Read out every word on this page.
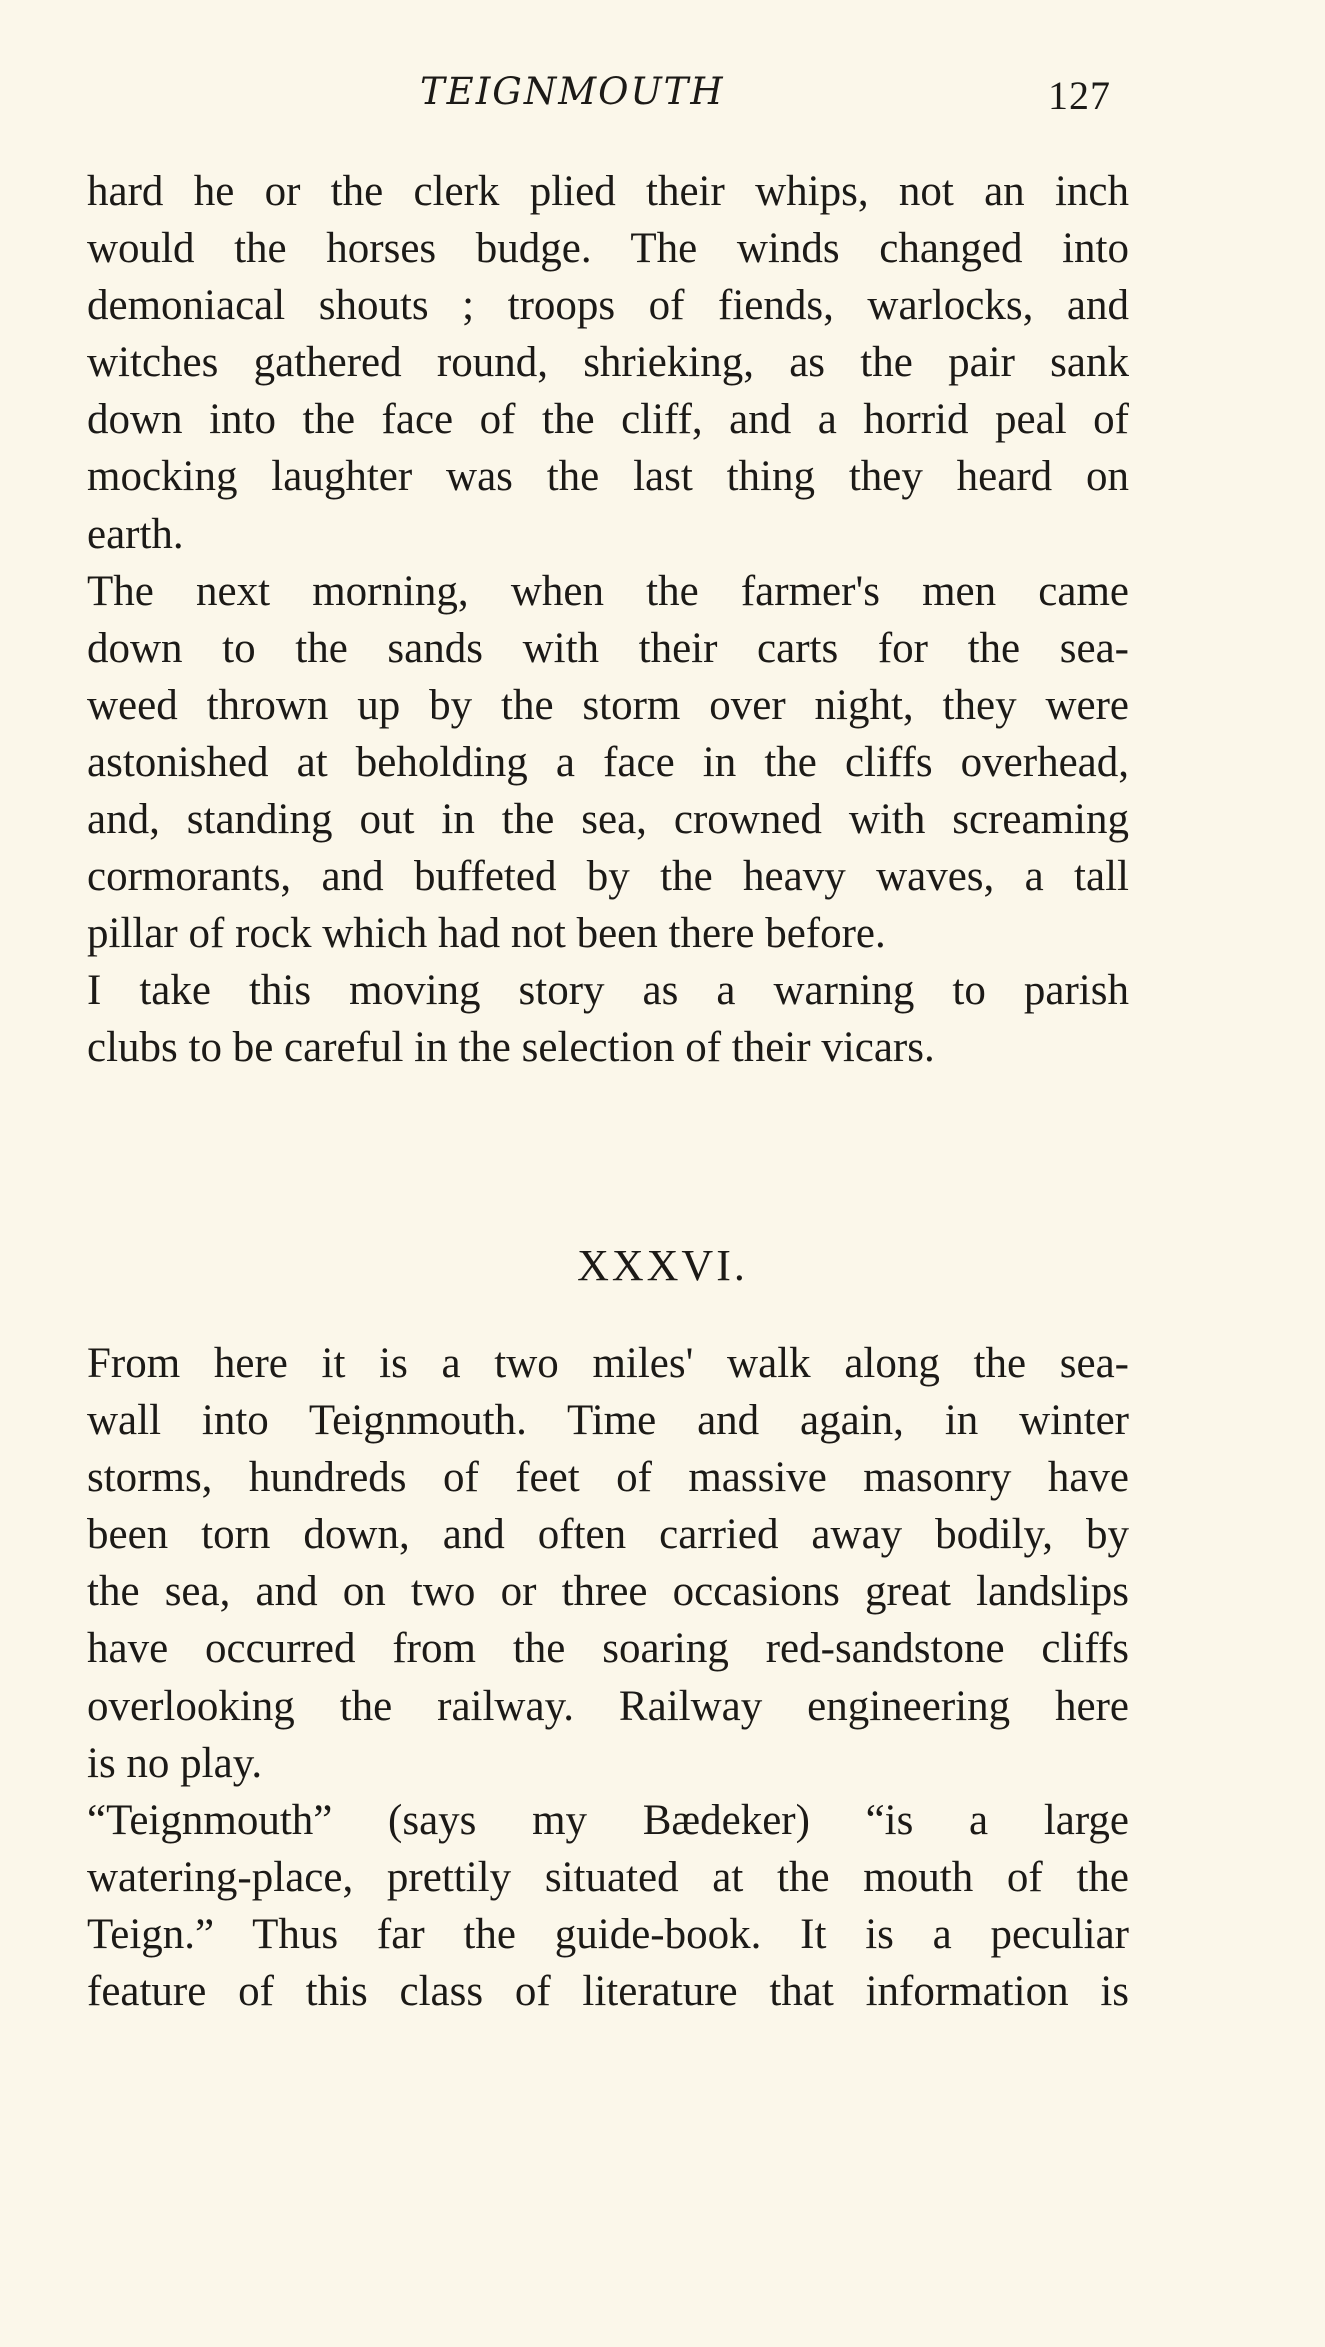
TEIGNMOUTH	127

hard he or the clerk plied their whips, not an inch
would the horses budge. The winds changed into
demoniacal shouts ; troops of fiends, warlocks, and
witches gathered round, shrieking, as the pair sank
down into the face of the cliff, and a horrid peal of
mocking laughter was the last thing they heard on
earth.

The next morning, when the farmer's men came
down to the sands with their carts for the sea-
weed thrown up by the storm over night, they were
astonished at beholding a face in the cliffs overhead,
and, standing out in the sea, crowned with screaming
cormorants, and buffeted by the heavy waves, a tall
pillar of rock which had not been there before.

I take this moving story as a warning to parish
clubs to be careful in the selection of their vicars.

XXXVI.

From here it is a two miles' walk along the sea-
wall into Teignmouth. Time and again, in winter
storms, hundreds of feet of massive masonry have
been torn down, and often carried away bodily, by
the sea, and on two or three occasions great landslips
have occurred from the soaring red-sandstone cliffs
overlooking the railway. Railway engineering here
is no play.

“Teignmouth” (says my Bædeker) “is a large
watering-place, prettily situated at the mouth of the
Teign.” Thus far the guide-book. It is a peculiar
feature of this class of literature that information is
